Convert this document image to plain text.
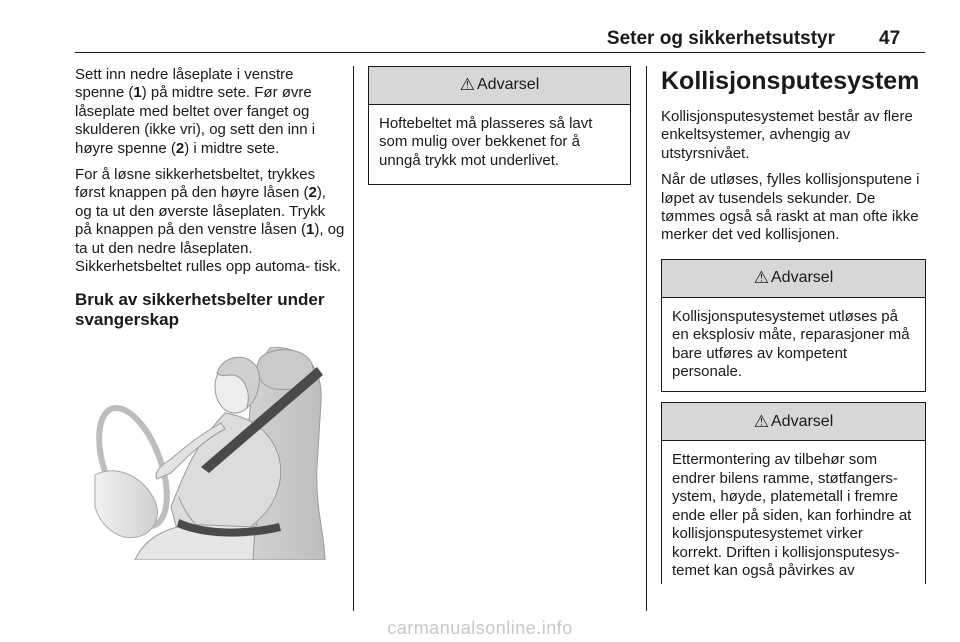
Seter og sikkerhetsutstyr 47

Sett inn nedre låseplate i venstre spenne (1) på midtre sete. Før øvre låseplate med beltet over fanget og skulderen (ikke vri), og sett den inn i høyre spenne (2) i midtre sete.

For å løsne sikkerhetsbeltet, trykkes først knappen på den høyre låsen (2), og ta ut den øverste låseplaten. Trykk på knappen på den venstre låsen (1), og ta ut den nedre låseplaten. Sikkerhetsbeltet rulles opp automa‑ tisk.

Bruk av sikkerhetsbelter under svangerskap
⚠ Advarsel
Hoftebeltet må plasseres så lavt som mulig over bekkenet for å unngå trykk mot underlivet.
Kollisjonsputesystem

Kollisjonsputesystemet består av flere enkeltsystemer, avhengig av utstyrsnivået.

Når de utløses, fylles kollisjonsputene i løpet av tusendels sekunder. De tømmes også så raskt at man ofte ikke merker det ved kollisjonen.

⚠ Advarsel
Kollisjonsputesystemet utløses på en eksplosiv måte, reparasjoner må bare utføres av kompetent personale.
⚠ Advarsel
Ettermontering av tilbehør som endrer bilens ramme, støtfangers‑ ystem, høyde, platemetall i fremre ende eller på siden, kan forhindre at kollisjonsputesystemet virker korrekt. Driften i kollisjonsputesys‑ temet kan også påvirkes av
carmanualsonline.info
